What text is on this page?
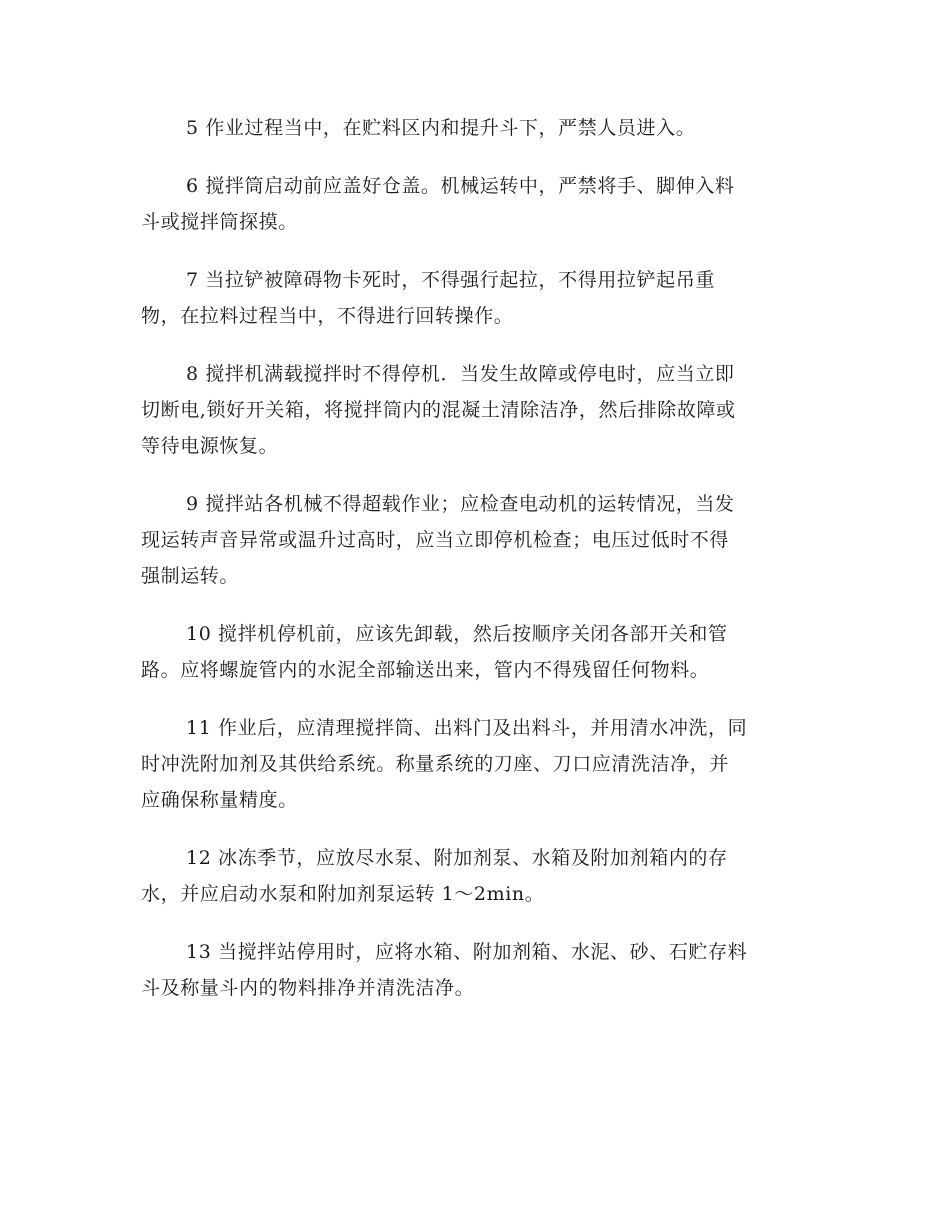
5 作业过程当中，在贮料区内和提升斗下，严禁人员进入。

6 搅拌筒启动前应盖好仓盖。机械运转中，严禁将手、脚伸入料
斗或搅拌筒探摸。

7 当拉铲被障碍物卡死时，不得强行起拉，不得用拉铲起吊重
物，在拉料过程当中，不得进行回转操作。

8 搅拌机满载搅拌时不得停机．当发生故障或停电时，应当立即
切断电,锁好开关箱，将搅拌筒内的混凝土清除洁净，然后排除故障或
等待电源恢复。

9 搅拌站各机械不得超载作业；应检查电动机的运转情况，当发
现运转声音异常或温升过高时，应当立即停机检查；电压过低时不得
强制运转。

10 搅拌机停机前，应该先卸载，然后按顺序关闭各部开关和管
路。应将螺旋管内的水泥全部输送出来，管内不得残留任何物料。

11 作业后，应清理搅拌筒、出料门及出料斗，并用清水冲洗，同
时冲洗附加剂及其供给系统。称量系统的刀座、刀口应清洗洁净，并
应确保称量精度。

12 冰冻季节，应放尽水泵、附加剂泵、水箱及附加剂箱内的存
水，并应启动水泵和附加剂泵运转 1～2min。

13 当搅拌站停用时，应将水箱、附加剂箱、水泥、砂、石贮存料
斗及称量斗内的物料排净并清洗洁净。
